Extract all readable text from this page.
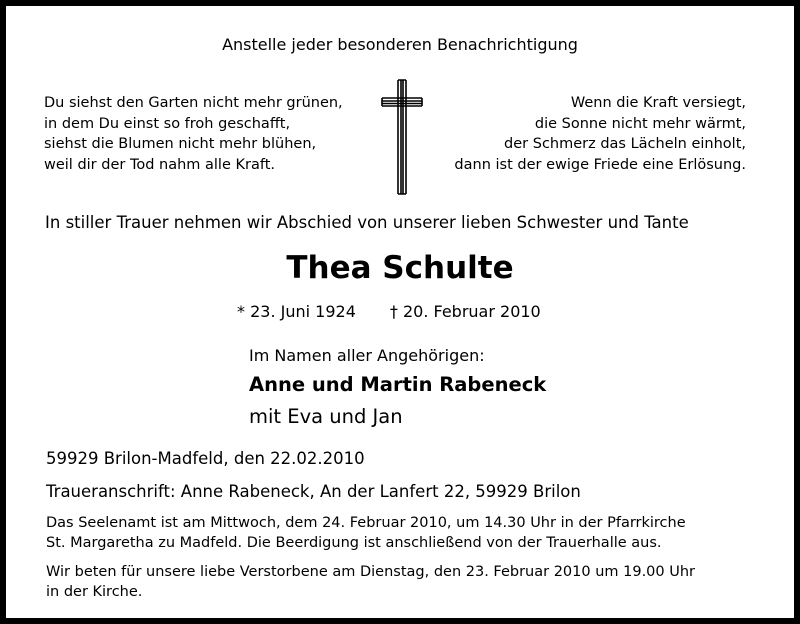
Anstelle jeder besonderen Benachrichtigung
Du siehst den Garten nicht mehr grünen,
in dem Du einst so froh geschafft,
siehst die Blumen nicht mehr blühen,
weil dir der Tod nahm alle Kraft.
Wenn die Kraft versiegt,
die Sonne nicht mehr wärmt,
der Schmerz das Lächeln einholt,
dann ist der ewige Friede eine Erlösung.
In stiller Trauer nehmen wir Abschied von unserer lieben Schwester und Tante
Thea Schulte
* 23. Juni 1924 † 20. Februar 2010
Im Namen aller Angehörigen:
Anne und Martin Rabeneck
mit Eva und Jan
59929 Brilon-Madfeld, den 22.02.2010
Traueranschrift: Anne Rabeneck, An der Lanfert 22, 59929 Brilon
Das Seelenamt ist am Mittwoch, dem 24. Februar 2010, um 14.30 Uhr in der Pfarrkirche
St. Margaretha zu Madfeld. Die Beerdigung ist anschließend von der Trauerhalle aus.
Wir beten für unsere liebe Verstorbene am Dienstag, den 23. Februar 2010 um 19.00 Uhr
in der Kirche.
